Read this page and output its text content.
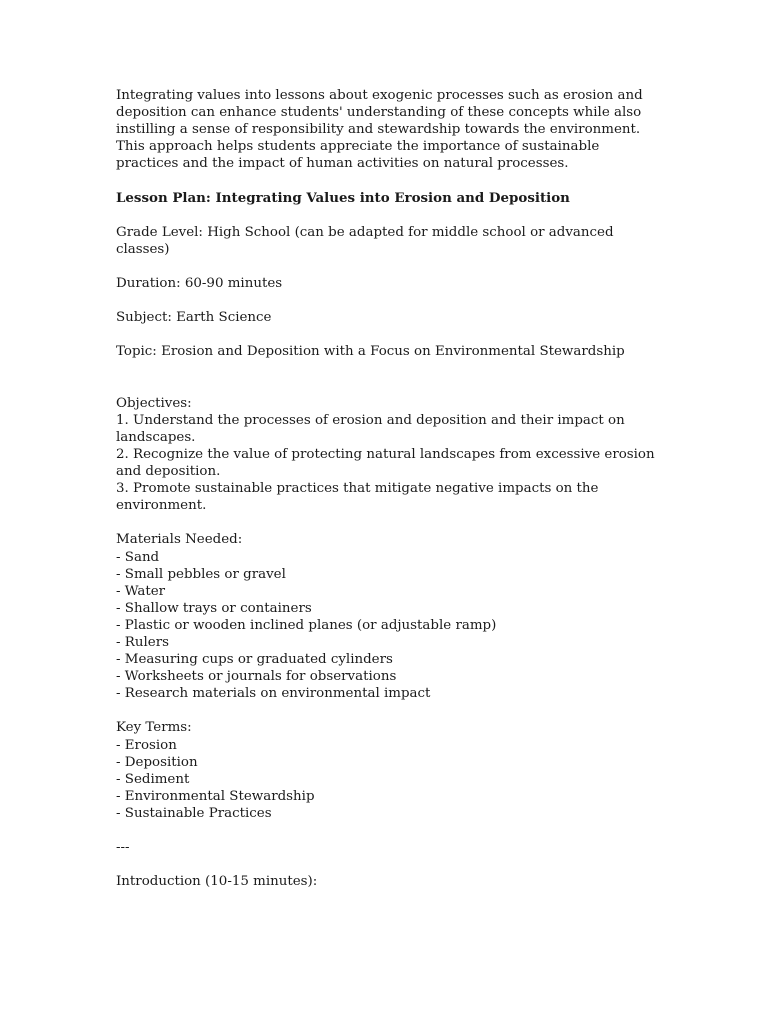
Integrating values into lessons about exogenic processes such as erosion and deposition can enhance students' understanding of these concepts while also instilling a sense of responsibility and stewardship towards the environment. This approach helps students appreciate the importance of sustainable practices and the impact of human activities on natural processes.

Lesson Plan: Integrating Values into Erosion and Deposition

Grade Level: High School (can be adapted for middle school or advanced classes)

Duration: 60-90 minutes

Subject: Earth Science

Topic: Erosion and Deposition with a Focus on Environmental Stewardship

Objectives:
1. Understand the processes of erosion and deposition and their impact on landscapes.
2. Recognize the value of protecting natural landscapes from excessive erosion and deposition.
3. Promote sustainable practices that mitigate negative impacts on the environment.
Materials Needed:
- Sand
- Small pebbles or gravel
- Water
- Shallow trays or containers
- Plastic or wooden inclined planes (or adjustable ramp)
- Rulers
- Measuring cups or graduated cylinders
- Worksheets or journals for observations
- Research materials on environmental impact
Key Terms:
- Erosion
- Deposition
- Sediment
- Environmental Stewardship
- Sustainable Practices
---
Introduction (10-15 minutes):
